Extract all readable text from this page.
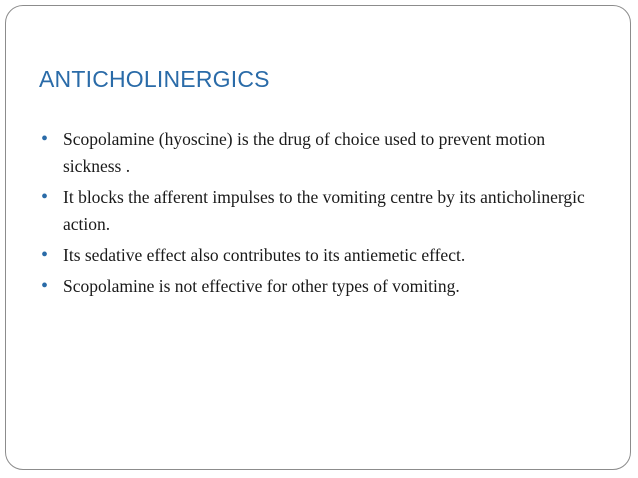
ANTICHOLINERGICS
• Scopolamine (hyoscine) is the drug of choice used to prevent motion sickness .
• It blocks the afferent impulses to the vomiting centre by its anticholinergic action.
• Its sedative effect also contributes to its antiemetic effect.
• Scopolamine is not effective for other types of vomiting.
